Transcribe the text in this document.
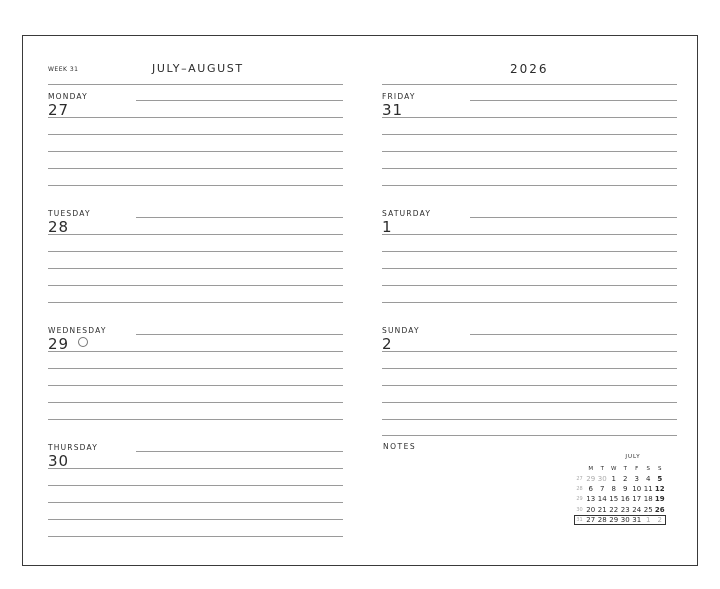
WEEK 31	JULY–AUGUST	2026
MONDAY
27
TUESDAY
28
WEDNESDAY
29
THURSDAY
30
FRIDAY
31
SATURDAY
1
SUNDAY
2
NOTES
JULY
	M	T	W	T	F	S	S
27	29	30	1	2	3	4	5
28	6	7	8	9	10	11	12
29	13	14	15	16	17	18	19
30	20	21	22	23	24	25	26
31	27	28	29	30	31	1	2
